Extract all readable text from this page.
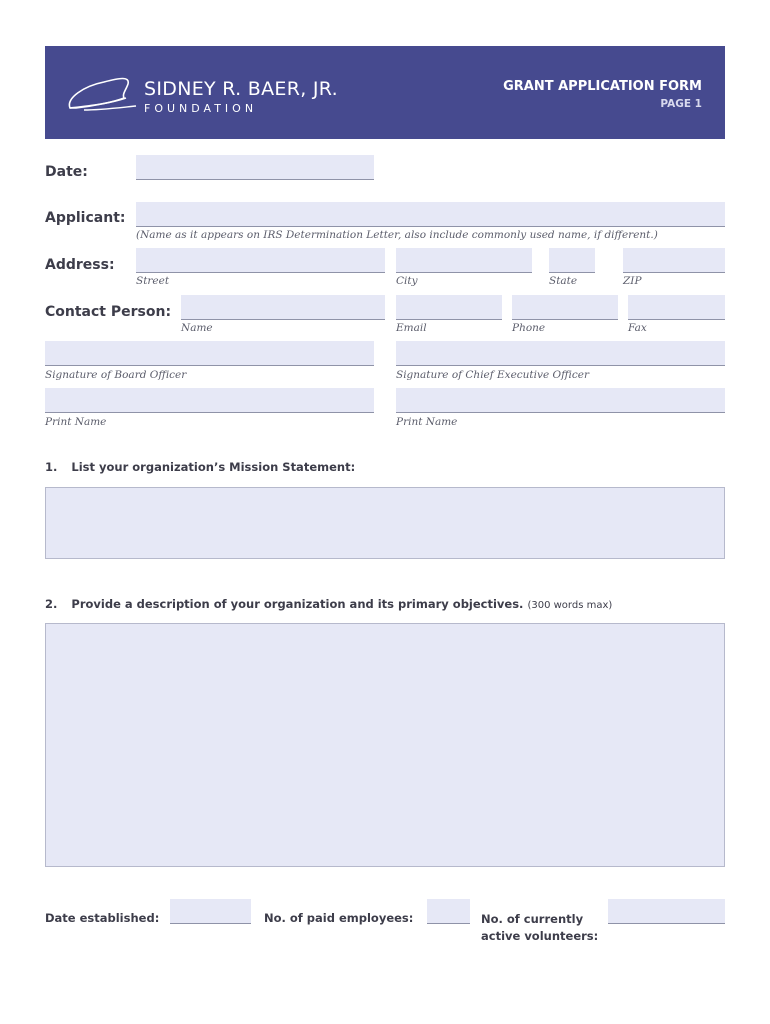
SIDNEY R. BAER, JR.
FOUNDATION
GRANT APPLICATION FORM
PAGE 1
Date:
Applicant:
(Name as it appears on IRS Determination Letter, also include commonly used name, if different.)
Address:
Street	City	State	ZIP
Contact Person:
Name	Email	Phone	Fax
Signature of Board Officer	Signature of Chief Executive Officer
Print Name	Print Name
1. List your organization’s Mission Statement:
2. Provide a description of your organization and its primary objectives. (300 words max)
Date established:	No. of paid employees:	No. of currently
active volunteers:
